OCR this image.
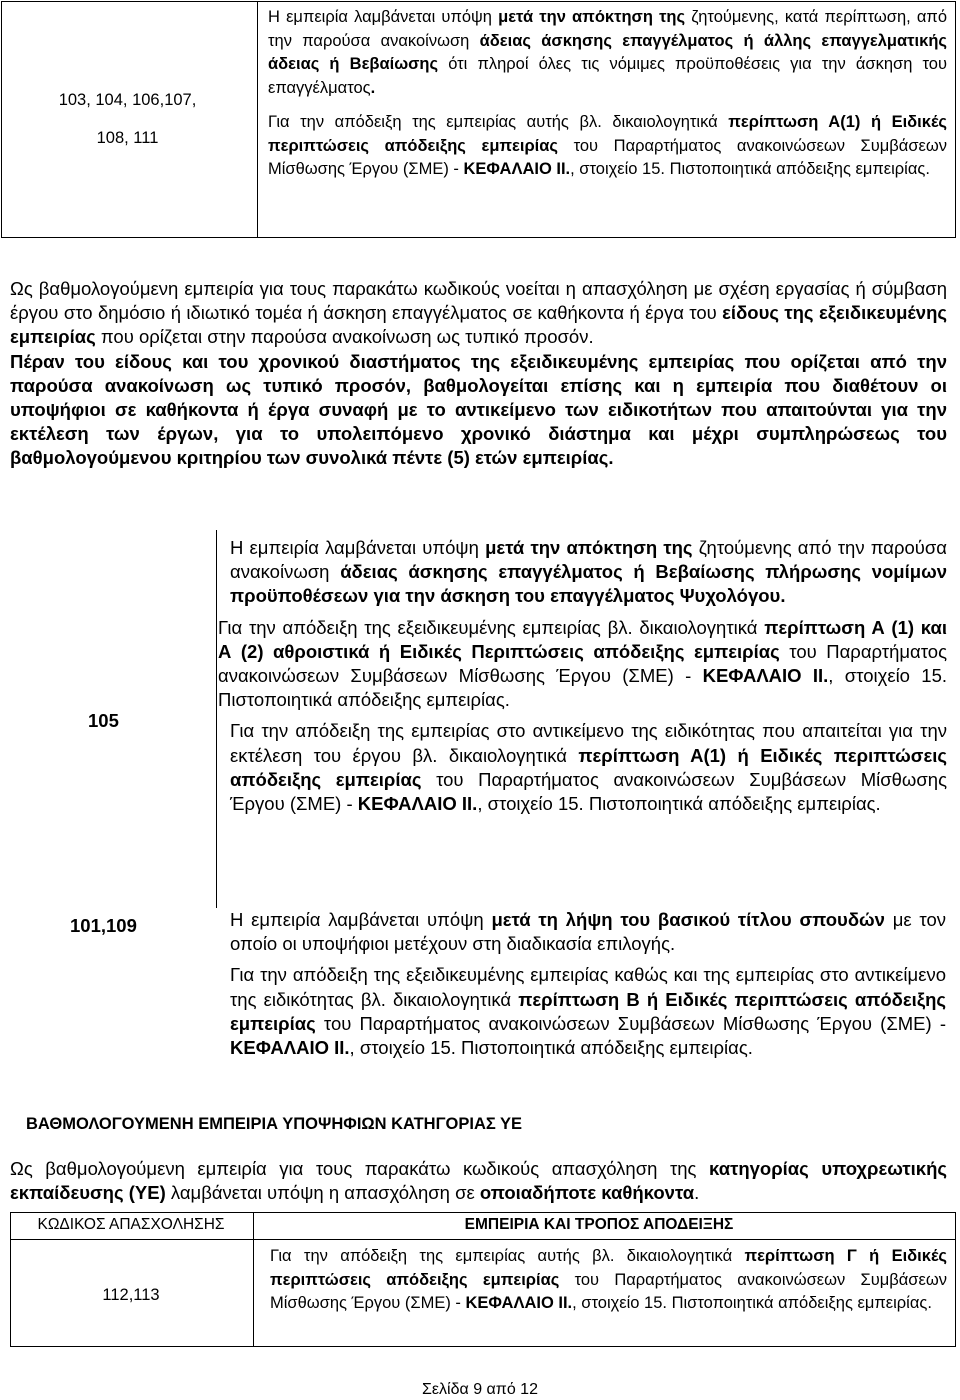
103, 104, 106,107,

108, 111

Η εμπειρία λαμβάνεται υπόψη μετά την απόκτηση της ζητούμενης, κατά περίπτωση, από την παρούσα ανακοίνωση άδειας άσκησης επαγγέλματος ή άλλης επαγγελματικής άδειας ή Βεβαίωσης ότι πληροί όλες τις νόμιμες προϋποθέσεις για την άσκηση του επαγγέλματος.

Για την απόδειξη της εμπειρίας αυτής βλ. δικαιολογητικά περίπτωση Α(1) ή Ειδικές περιπτώσεις απόδειξης εμπειρίας του Παραρτήματος ανακοινώσεων Συμβάσεων Μίσθωσης Έργου (ΣΜΕ) - ΚΕΦΑΛΑΙΟ ΙΙ., στοιχείο 15. Πιστοποιητικά απόδειξης εμπειρίας.

Ως βαθμολογούμενη εμπειρία για τους παρακάτω κωδικούς νοείται η απασχόληση με σχέση εργασίας ή σύμβαση έργου στο δημόσιο ή ιδιωτικό τομέα ή άσκηση επαγγέλματος σε καθήκοντα ή έργα του είδους της εξειδικευμένης εμπειρίας που ορίζεται στην παρούσα ανακοίνωση ως τυπικό προσόν.

Πέραν του είδους και του χρονικού διαστήματος της εξειδικευμένης εμπειρίας που ορίζεται από την παρούσα ανακοίνωση ως τυπικό προσόν, βαθμολογείται επίσης και η εμπειρία που διαθέτουν οι υποψήφιοι σε καθήκοντα ή έργα συναφή με το αντικείμενο των ειδικοτήτων που απαιτούνται για την εκτέλεση των έργων, για το υπολειπόμενο χρονικό διάστημα και μέχρι συμπληρώσεως του βαθμολογούμενου κριτηρίου των συνολικά πέντε (5) ετών εμπειρίας.

105

Η εμπειρία λαμβάνεται υπόψη μετά την απόκτηση της ζητούμενης από την παρούσα ανακοίνωση άδειας άσκησης επαγγέλματος ή Βεβαίωσης πλήρωσης νομίμων προϋποθέσεων για την άσκηση του επαγγέλματος Ψυχολόγου.

Για την απόδειξη της εξειδικευμένης εμπειρίας βλ. δικαιολογητικά περίπτωση Α (1) και Α (2) αθροιστικά ή Ειδικές Περιπτώσεις απόδειξης εμπειρίας του Παραρτήματος ανακοινώσεων Συμβάσεων Μίσθωσης Έργου (ΣΜΕ) - ΚΕΦΑΛΑΙΟ ΙΙ., στοιχείο 15. Πιστοποιητικά απόδειξης εμπειρίας.

Για την απόδειξη της εμπειρίας στο αντικείμενο της ειδικότητας που απαιτείται για την εκτέλεση του έργου βλ. δικαιολογητικά περίπτωση Α(1) ή Ειδικές περιπτώσεις απόδειξης εμπειρίας του Παραρτήματος ανακοινώσεων Συμβάσεων Μίσθωσης Έργου (ΣΜΕ) - ΚΕΦΑΛΑΙΟ ΙΙ., στοιχείο 15. Πιστοποιητικά απόδειξης εμπειρίας.

101,109	Η εμπειρία λαμβάνεται υπόψη μετά τη λήψη του βασικού τίτλου σπουδών με τον οποίο οι υποψήφιοι μετέχουν στη διαδικασία επιλογής.

Για την απόδειξη της εξειδικευμένης εμπειρίας καθώς και της εμπειρίας στο αντικείμενο της ειδικότητας βλ. δικαιολογητικά περίπτωση Β ή Ειδικές περιπτώσεις απόδειξης εμπειρίας του Παραρτήματος ανακοινώσεων Συμβάσεων Μίσθωσης Έργου (ΣΜΕ) - ΚΕΦΑΛΑΙΟ ΙΙ., στοιχείο 15. Πιστοποιητικά απόδειξης εμπειρίας.

ΒΑΘΜΟΛΟΓΟΥΜΕΝΗ ΕΜΠΕΙΡΙΑ ΥΠΟΨΗΦΙΩΝ ΚΑΤΗΓΟΡΙΑΣ ΥΕ

Ως βαθμολογούμενη εμπειρία για τους παρακάτω κωδικούς απασχόληση της κατηγορίας υποχρεωτικής εκπαίδευσης (ΥΕ) λαμβάνεται υπόψη η απασχόληση σε οποιαδήποτε καθήκοντα.

ΚΩΔΙΚΟΣ ΑΠΑΣΧΟΛΗΣΗΣ	ΕΜΠΕΙΡΙΑ ΚΑΙ ΤΡΟΠΟΣ ΑΠΟΔΕΙΞΗΣ
112,113

Για την απόδειξη της εμπειρίας αυτής βλ. δικαιολογητικά περίπτωση Γ ή Ειδικές περιπτώσεις απόδειξης εμπειρίας του Παραρτήματος ανακοινώσεων Συμβάσεων Μίσθωσης Έργου (ΣΜΕ) - ΚΕΦΑΛΑΙΟ ΙΙ., στοιχείο 15. Πιστοποιητικά απόδειξης εμπειρίας.

Σελίδα 9 από 12
